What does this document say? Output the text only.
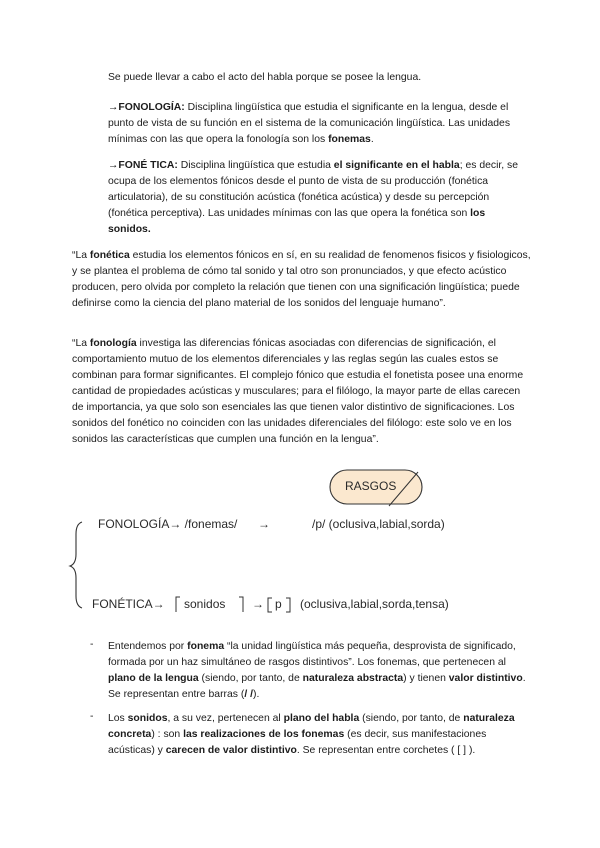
Se puede llevar a cabo el acto del habla porque se posee la lengua.

→FONOLOGÍA: Disciplina lingüística que estudia el significante en la lengua, desde el punto de vista de su función en el sistema de la comunicación lingüística. Las unidades mínimas con las que opera la fonología son los fonemas.

→FONÉ TICA: Disciplina lingüística que estudia el significante en el habla; es decir, se ocupa de los elementos fónicos desde el punto de vista de su producción (fonética articulatoria), de su constitución acústica (fonética acústica) y desde su percepción (fonética perceptiva). Las unidades mínimas con las que opera la fonética son los sonidos.

“La fonética estudia los elementos fónicos en sí, en su realidad de fenomenos fisicos y fisiologicos, y se plantea el problema de cómo tal sonido y tal otro son pronunciados, y que efecto acústico producen, pero olvida por completo la relación que tienen con una significación lingüística; puede definirse como la ciencia del plano material de los sonidos del lenguaje humano”.

“La fonología investiga las diferencias fónicas asociadas con diferencias de significación, el comportamiento mutuo de los elementos diferenciales y las reglas según las cuales estos se combinan para formar significantes. El complejo fónico que estudia el fonetista posee una enorme cantidad de propiedades acústicas y musculares; para el filólogo, la mayor parte de ellas carecen de importancia, ya que solo son esenciales las que tienen valor distintivo de significaciones. Los sonidos del fonético no coinciden con las unidades diferenciales del filólogo: este solo ve en los sonidos las características que cumplen una función en la lengua”.

RASGOS
FONOLOGÍA→ /fonemas/ →	/p/ (oclusiva,labial,sorda)
FONÉTICA→ sonidos → p (oclusiva,labial,sorda,tensa)
- Entendemos por fonema “la unidad lingüística más pequeña, desprovista de significado, formada por un haz simultáneo de rasgos distintivos”. Los fonemas, que pertenecen al plano de la lengua (siendo, por tanto, de naturaleza abstracta) y tienen valor distintivo. Se representan entre barras (/ /).

- Los sonidos, a su vez, pertenecen al plano del habla (siendo, por tanto, de naturaleza concreta) : son las realizaciones de los fonemas (es decir, sus manifestaciones acústicas) y carecen de valor distintivo. Se representan entre corchetes ( [ ] ).
